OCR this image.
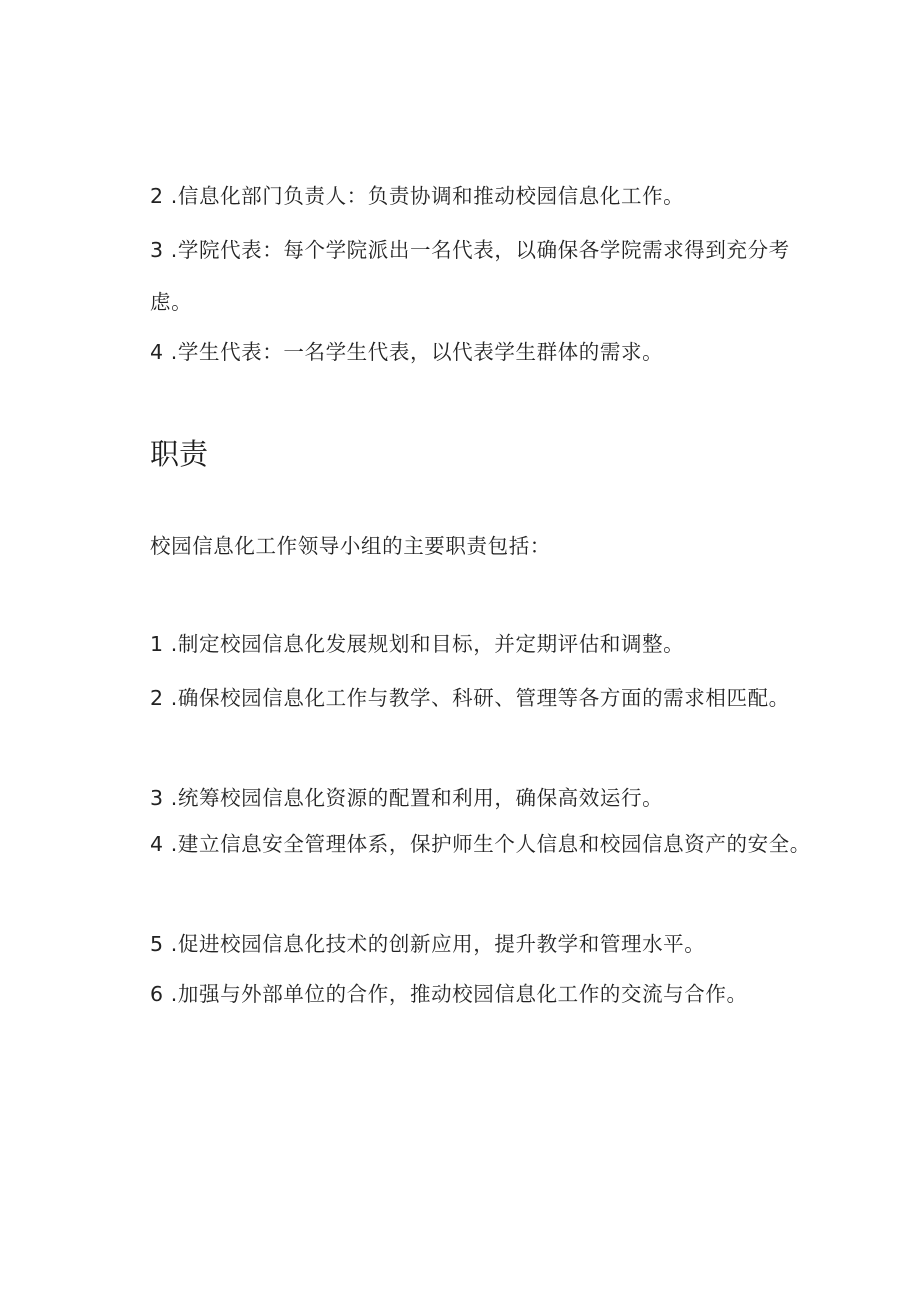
2 .信息化部门负责人：负责协调和推动校园信息化工作。

3 .学院代表：每个学院派出一名代表，以确保各学院需求得到充分考虑。

4 .学生代表：一名学生代表，以代表学生群体的需求。

职责

校园信息化工作领导小组的主要职责包括：

1 .制定校园信息化发展规划和目标，并定期评估和调整。

2 .确保校园信息化工作与教学、科研、管理等各方面的需求相匹配。

3 .统筹校园信息化资源的配置和利用，确保高效运行。

4 .建立信息安全管理体系，保护师生个人信息和校园信息资产的安全。

5 .促进校园信息化技术的创新应用，提升教学和管理水平。

6 .加强与外部单位的合作，推动校园信息化工作的交流与合作。
